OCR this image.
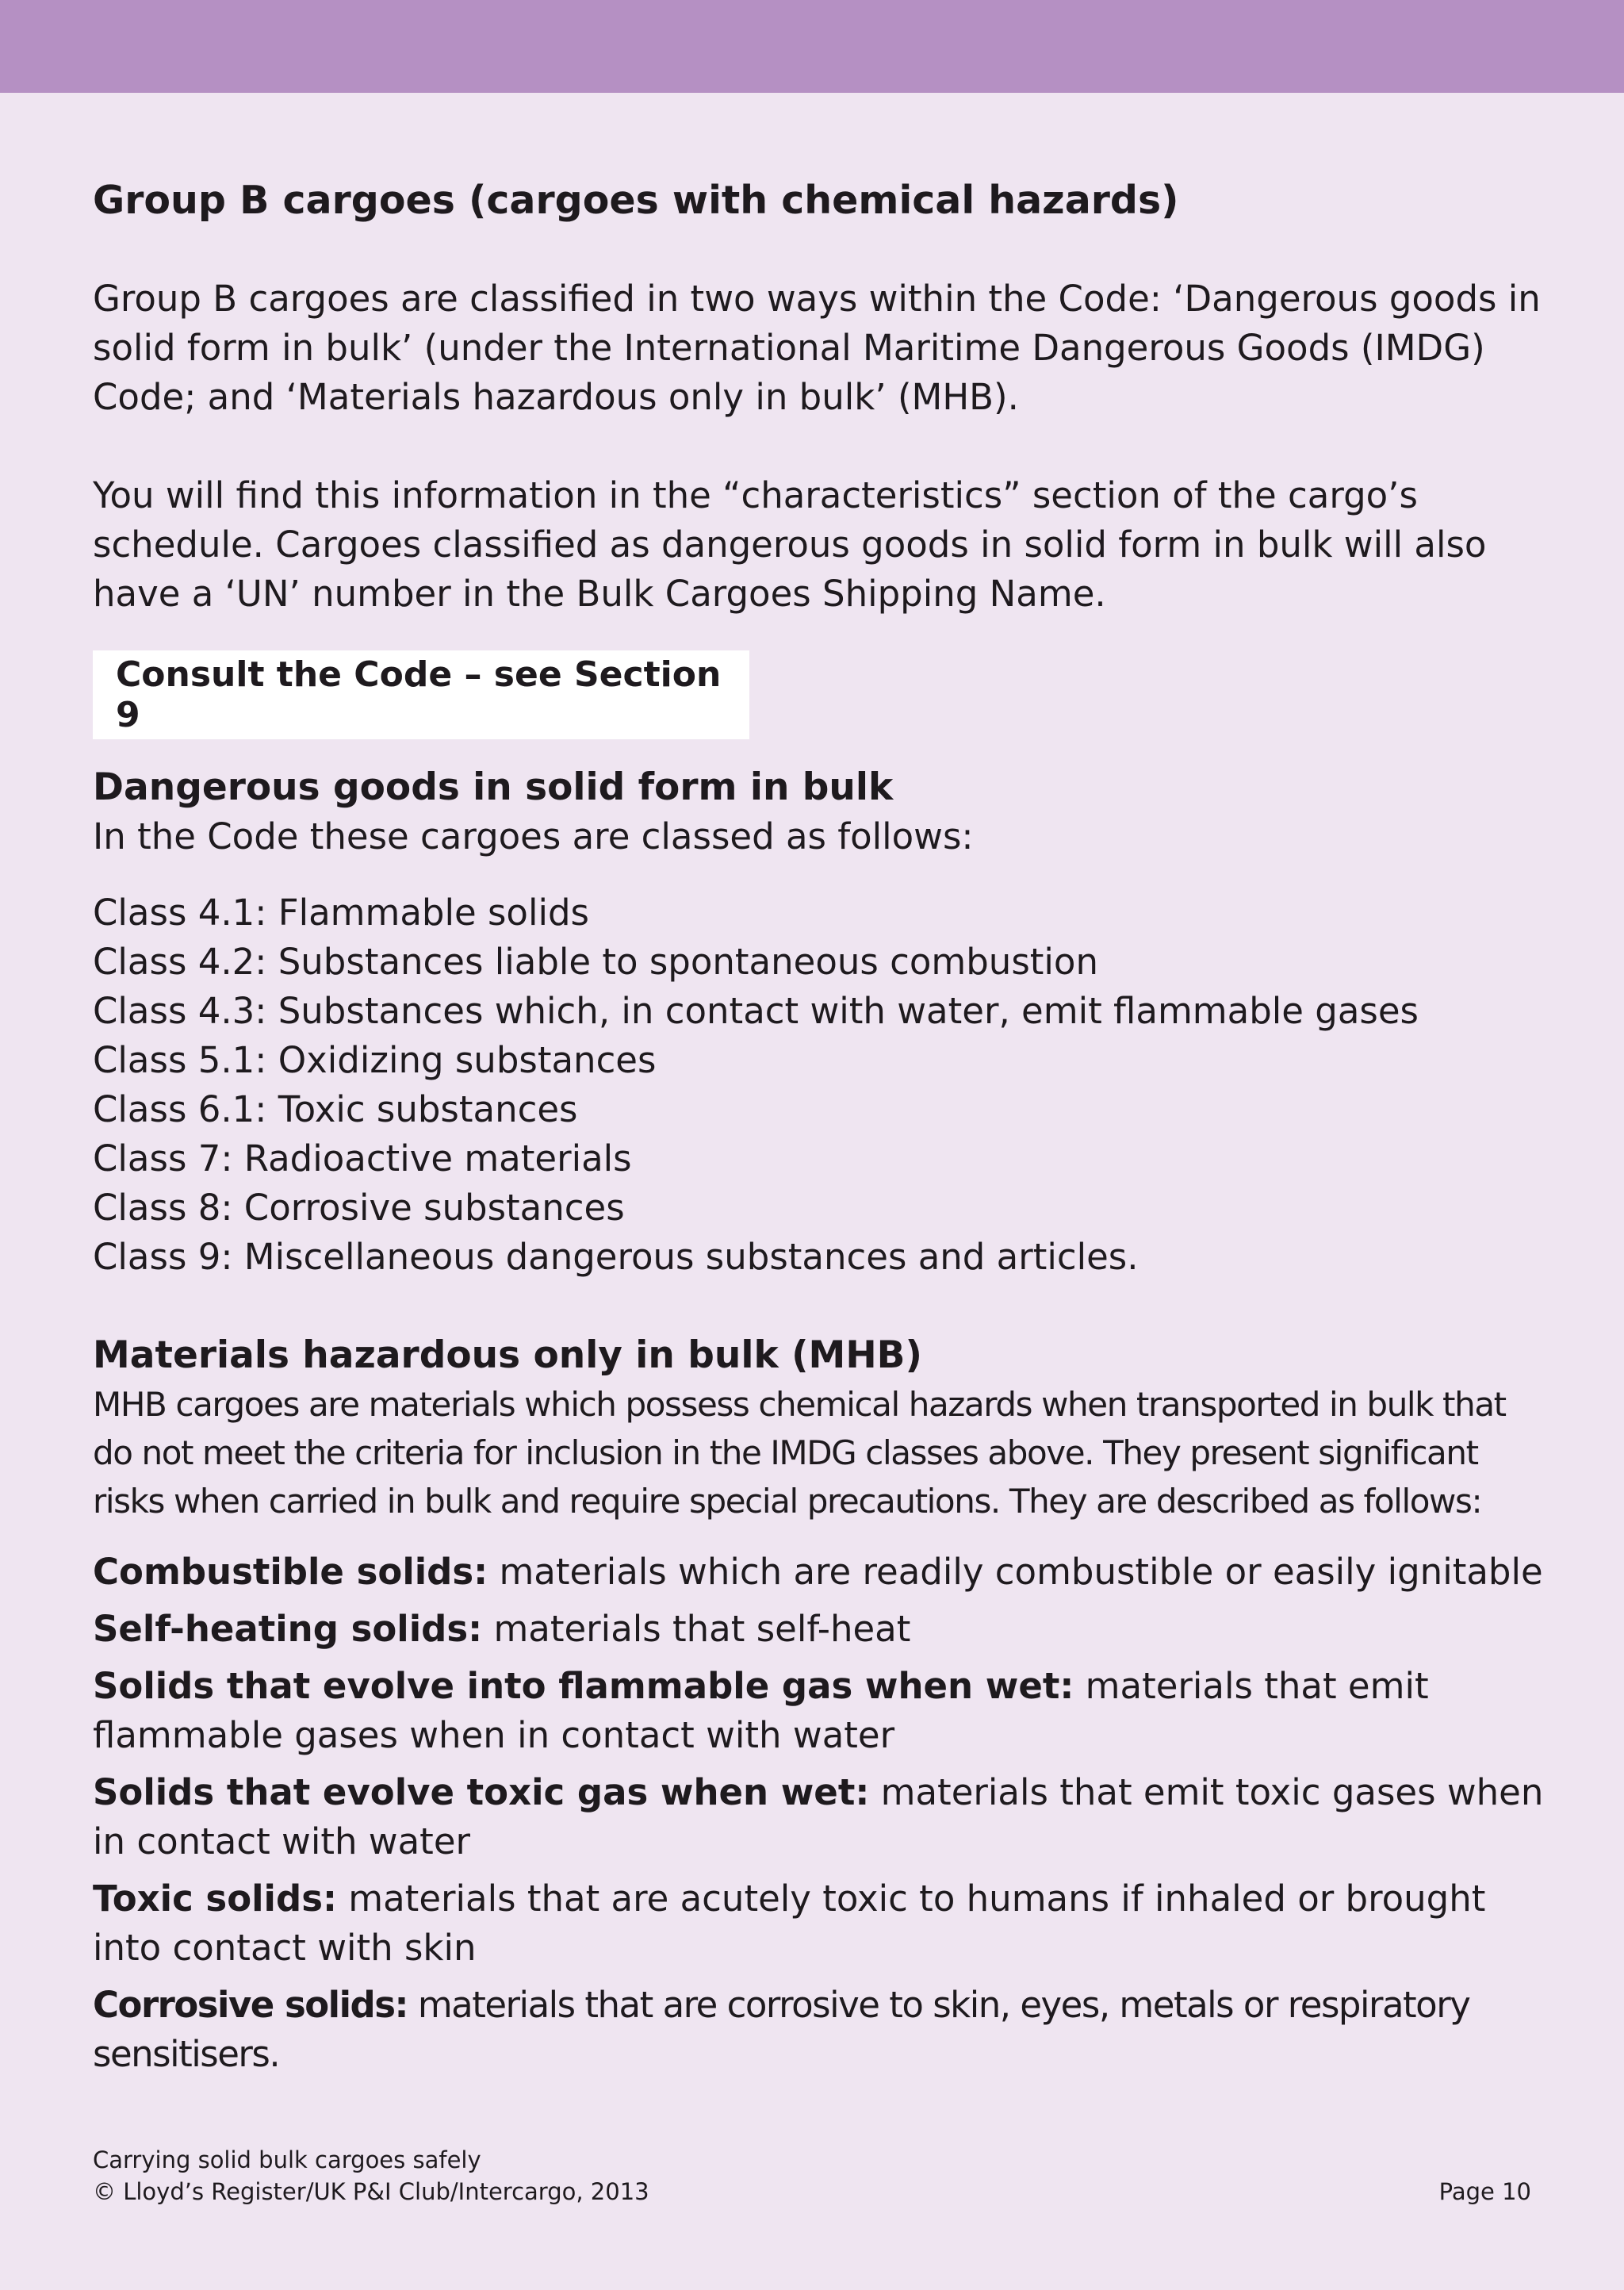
Group B cargoes (cargoes with chemical hazards)

Group B cargoes are classified in two ways within the Code: ‘Dangerous goods in solid form in bulk’ (under the International Maritime Dangerous Goods (IMDG) Code; and ‘Materials hazardous only in bulk’ (MHB).

You will find this information in the “characteristics” section of the cargo’s schedule. Cargoes classified as dangerous goods in solid form in bulk will also have a ‘UN’ number in the Bulk Cargoes Shipping Name.

Consult the Code – see Section 9
Dangerous goods in solid form in bulk

In the Code these cargoes are classed as follows:

Class 4.1: Flammable solids
Class 4.2: Substances liable to spontaneous combustion
Class 4.3: Substances which, in contact with water, emit flammable gases
Class 5.1: Oxidizing substances
Class 6.1: Toxic substances
Class 7: Radioactive materials
Class 8: Corrosive substances
Class 9: Miscellaneous dangerous substances and articles.
Materials hazardous only in bulk (MHB)

MHB cargoes are materials which possess chemical hazards when transported in bulk that do not meet the criteria for inclusion in the IMDG classes above. They present significant risks when carried in bulk and require special precautions. They are described as follows:

Combustible solids: materials which are readily combustible or easily ignitable
Self-heating solids: materials that self-heat
Solids that evolve into flammable gas when wet: materials that emit flammable gases when in contact with water
Solids that evolve toxic gas when wet: materials that emit toxic gases when in contact with water
Toxic solids: materials that are acutely toxic to humans if inhaled or brought into contact with skin
Corrosive solids: materials that are corrosive to skin, eyes, metals or respiratory sensitisers.
Carrying solid bulk cargoes safely
© Lloyd’s Register/UK P&I Club/Intercargo, 2013	Page 10
